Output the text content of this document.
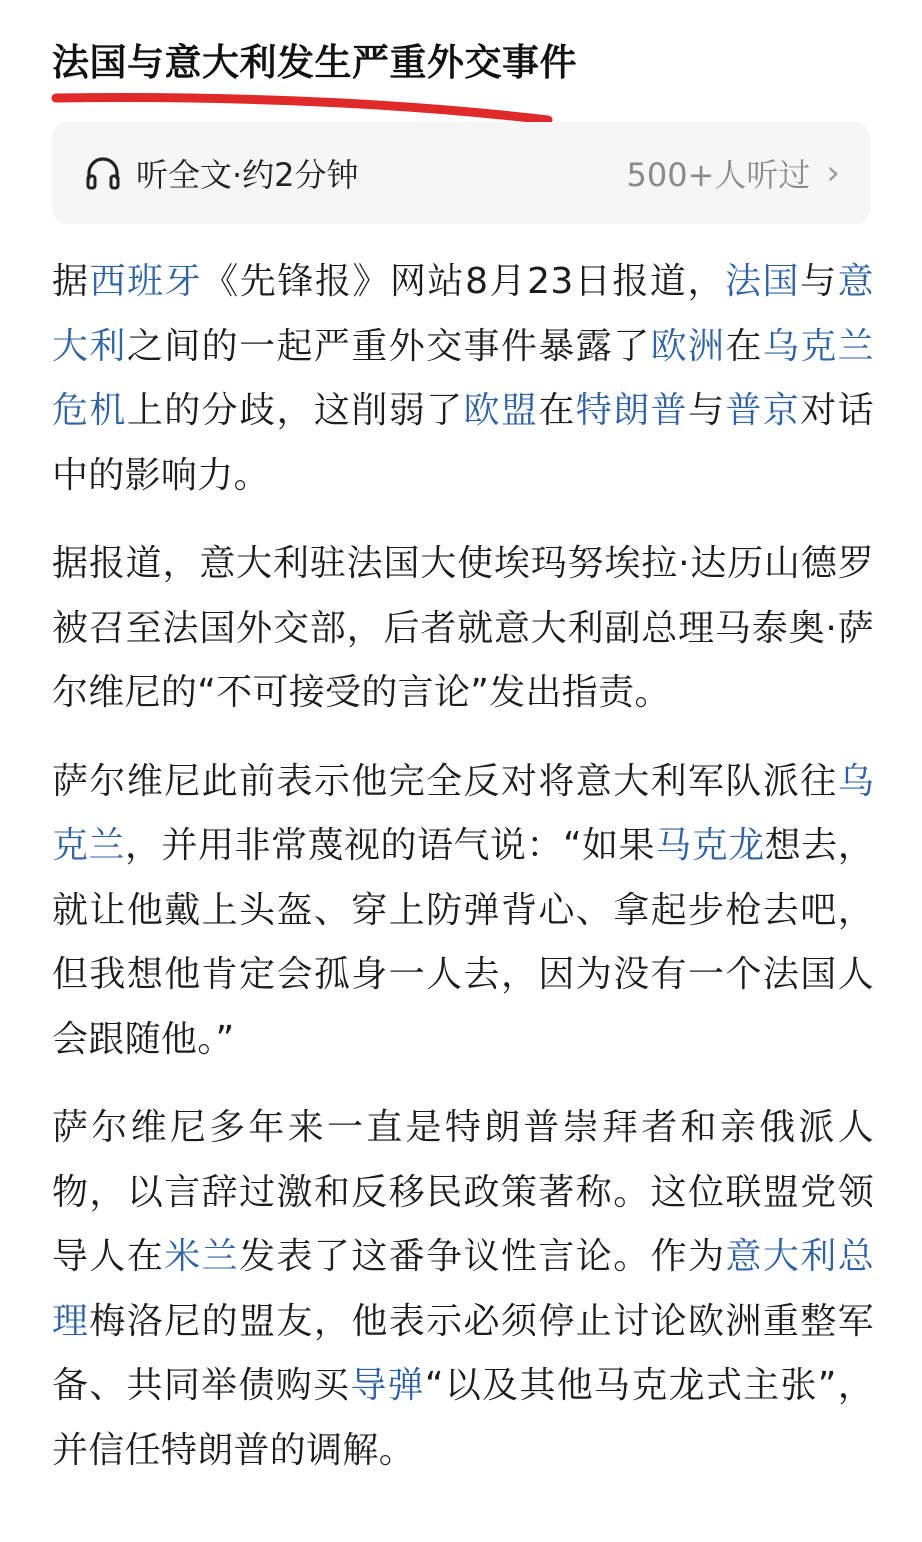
法国与意大利发生严重外交事件
听全文·约2分钟	500+人听过 ›

据西班牙《先锋报》网站8月23日报道，法国与意大利之间的一起严重外交事件暴露了欧洲在乌克兰危机上的分歧，这削弱了欧盟在特朗普与普京对话中的影响力。

据报道，意大利驻法国大使埃玛努埃拉·达历山德罗被召至法国外交部，后者就意大利副总理马泰奥·萨尔维尼的“不可接受的言论”发出指责。

萨尔维尼此前表示他完全反对将意大利军队派往乌克兰，并用非常蔑视的语气说：“如果马克龙想去，就让他戴上头盔、穿上防弹背心、拿起步枪去吧，但我想他肯定会孤身一人去，因为没有一个法国人会跟随他。”

萨尔维尼多年来一直是特朗普崇拜者和亲俄派人物，以言辞过激和反移民政策著称。这位联盟党领导人在米兰发表了这番争议性言论。作为意大利总理梅洛尼的盟友，他表示必须停止讨论欧洲重整军备、共同举债购买导弹“以及其他马克龙式主张”，并信任特朗普的调解。
